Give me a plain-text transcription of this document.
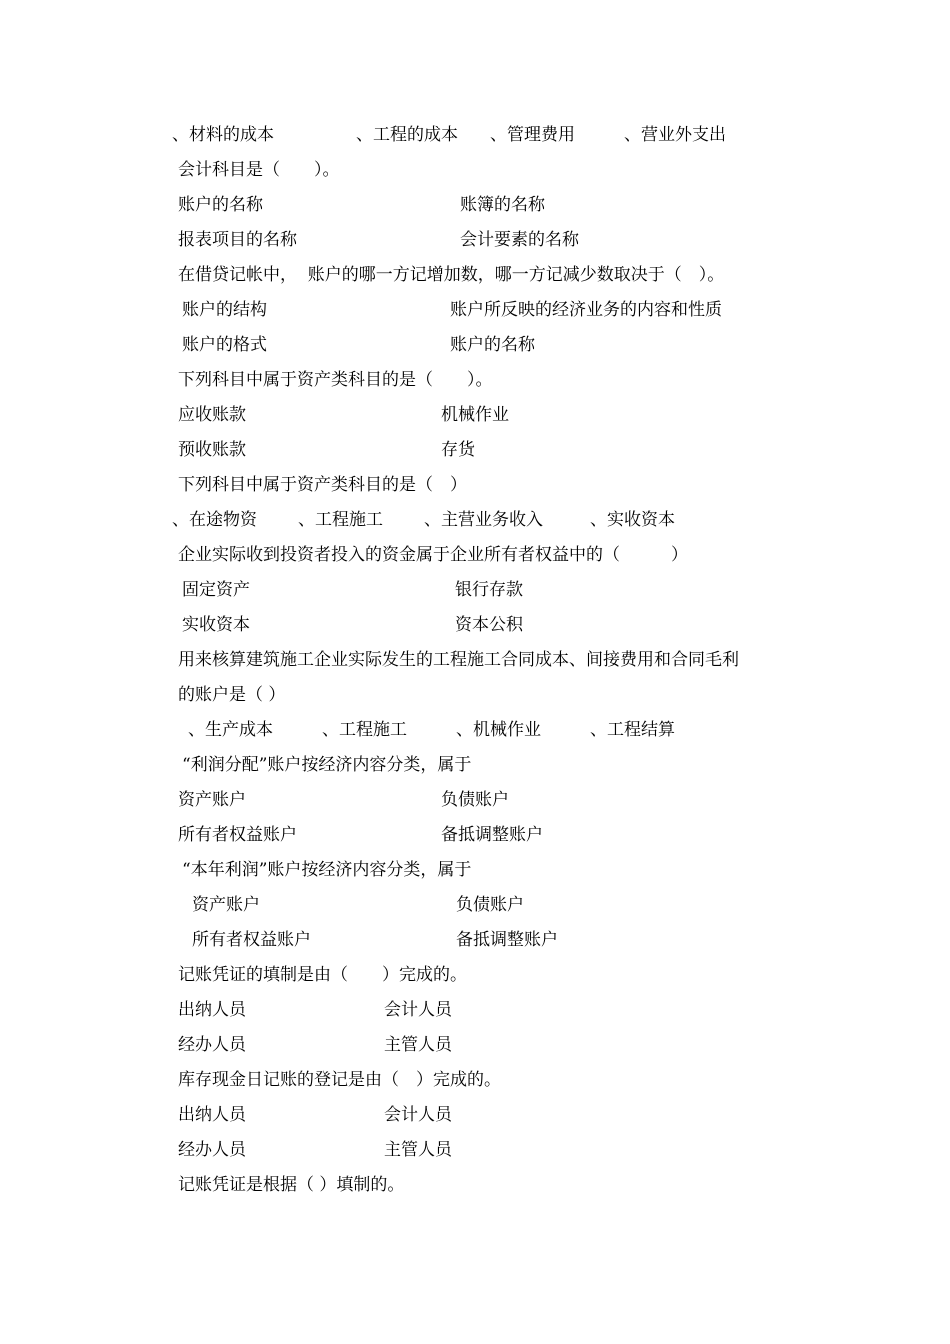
、材料的成本	、工程的成本 、管理费用	、营业外支出
会计科目是（　　）。
账户的名称	账簿的名称
报表项目的名称	会计要素的名称
在借贷记帐中，  账户的哪一方记增加数，哪一方记减少数取决于（　）。
账户的结构	账户所反映的经济业务的内容和性质
账户的格式	账户的名称
下列科目中属于资产类科目的是（　　）。
应收账款	机械作业
预收账款	存货
下列科目中属于资产类科目的是（　）
、在途物资 、工程施工 、主营业务收入	、实收资本
企业实际收到投资者投入的资金属于企业所有者权益中的（　　　）
固定资产	银行存款
实收资本	资本公积
用来核算建筑施工企业实际发生的工程施工合同成本、间接费用和合同毛利
的账户是（ ）
、生产成本	、工程施工	、机械作业	、工程结算
“利润分配”账户按经济内容分类，属于
资产账户	负债账户
所有者权益账户	备抵调整账户
“本年利润”账户按经济内容分类，属于
资产账户	负债账户
所有者权益账户	备抵调整账户
记账凭证的填制是由（　　）完成的。
出纳人员	会计人员
经办人员	主管人员
库存现金日记账的登记是由（　）完成的。
出纳人员	会计人员
经办人员	主管人员
记账凭证是根据（ ）填制的。
